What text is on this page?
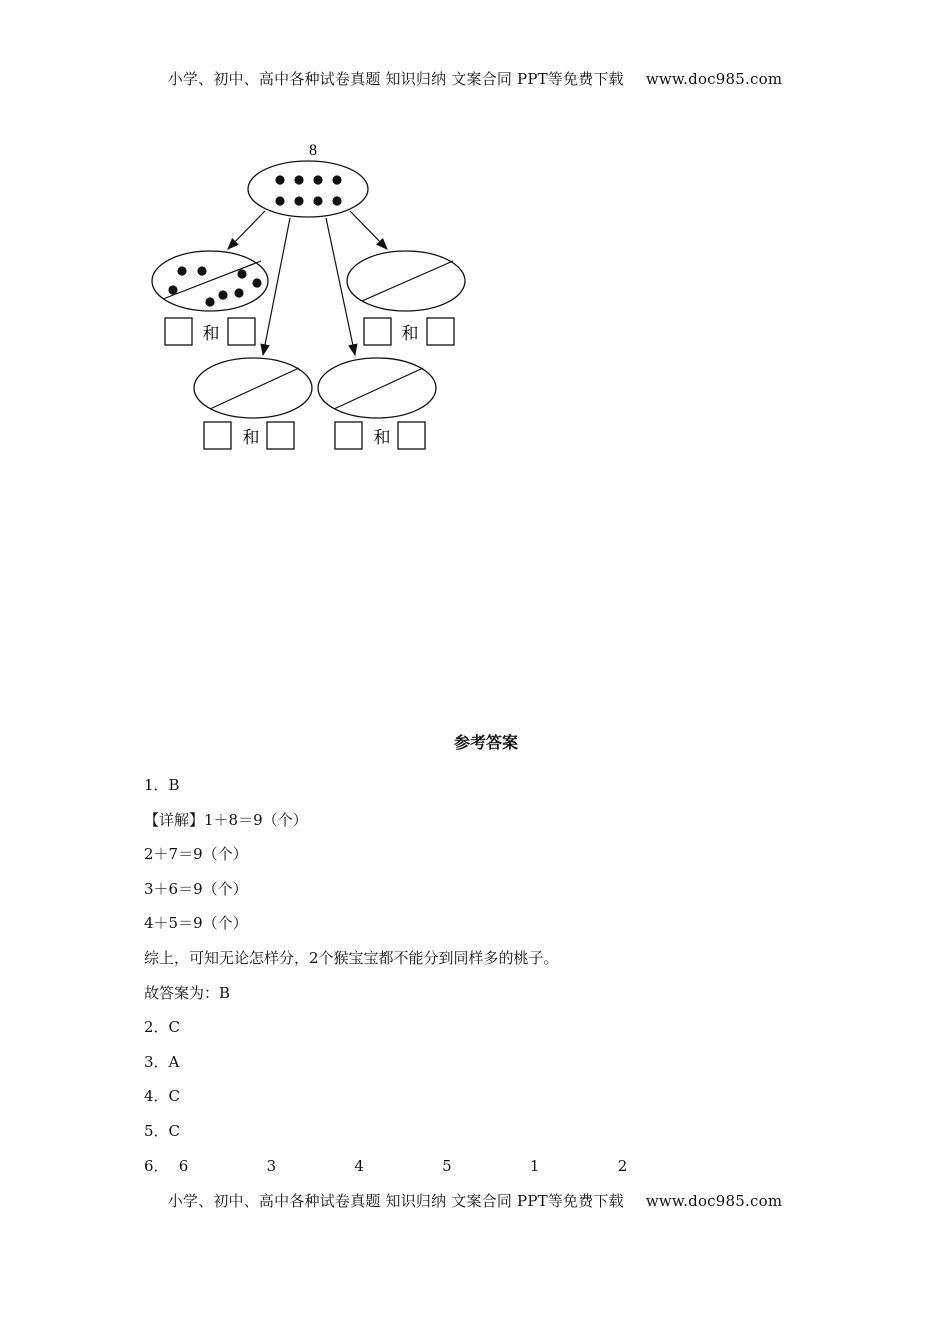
小学、初中、高中各种试卷真题 知识归纳 文案合同 PPT等免费下载 www.doc985.com
8
和	和
和	和
参考答案
1．B
【详解】1＋8＝9（个）
2＋7＝9（个）
3＋6＝9（个）
4＋5＝9（个）
综上，可知无论怎样分，2个猴宝宝都不能分到同样多的桃子。
故答案为：B
2．C
3．A
4．C
5．C
6． 6	3	4	5	1	2
小学、初中、高中各种试卷真题 知识归纳 文案合同 PPT等免费下载 www.doc985.com
